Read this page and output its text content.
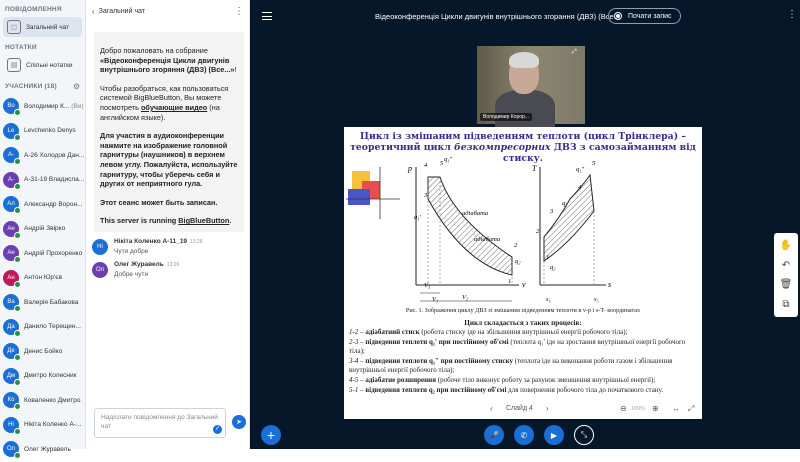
ПОВІДОМЛЕННЯ
◻	Загальний чат
НОТАТКИ
▤	Спільні нотатки
УЧАСНИКИ (18) ⚙
Во Володимир К... (Ви)
Le Levchenko Denys
А- А-26 Холодов Дан...
А- А-31-19 Владисла...
Ал Александр Ворон...
Ан Андрій Звірко
Ан Андрій Прохоренко
Ан Антон Юр'єв
Ва Валерія Бабакова
Да Данило Терещен...
Де Денис Бойко
Дм Дмитро Колесник
Ко Коваленко Дмитро
Ні Нікіта Коленко А-...
Ол Олег Журавель
‹ Загальний чат	⋮

Добро пожаловать на собрание «Відеоконференція Цикли двигунів внутрішнього згоряння (ДВЗ) (Все...»!

Чтобы разобраться, как пользоваться системой BigBlueButton, Вы можете посмотреть обучающие видео (на английском языке).

Для участия в аудиоконференции нажмите на изображение головной гарнитуры (наушников) в верхнем левом углу. Пожалуйста, используйте гарнитуру, чтобы уберечь себя и других от неприятного гула.

Этот сеанс может быть записан.

This server is running BigBlueButton.

Ні
Нікіта Коленко А-11_19 13:26
Чути добре
Ол
Олег Журавель 13:26
Добре чути
Надіслати повідомлення до Загальний чат	✓
➤
Відеоконференція Цикли двигунів внутрішнього згорання (ДВЗ) (Все... Почати запис	⋮
Володимир Корор...
⤢
Цикл із змішаним підведенням теплоти (цикл Трінклера) –
теоретичний цикл безкомпресорних ДВЗ з самозайманням від стиску.
p
v
T
s
1
2
3
4 5
q₁′
q₁″
q₂
V₁	V₂
V₃
адіабата
адіабата
1
2
3
4
5
q₁′
q₁″
q₂
s₁	s₅
Рис. 1. Зображення циклу ДВЗ зі змішаним підведенням теплоти в v-p і s-T- координатах
Цикл складається з таких процесів:
1-2 – адіабатний стиск (робота стиску іде на збільшення внутрішньої енергії робочого тіла);
2-3 – підведення теплоти q₁′ при постійному об'ємі (теплота q₁′ іде на зростання внутрішньої енергії робочого тіла);
3-4 – підведення теплоти q₁″ при постійному стиску (теплота іде на виконання роботи газом і збільшення внутрішньої енергії робочого тіла);
4-5 – адіабатне розширення (робоче тіло виконує роботу за рахунок зменшення внутрішньої енергії);
5-1 – відведення теплоти q₂ при постійному об'ємі для повернення робочого тіла до початкового стану.
‹ Слайд 4 ›	⊖ 100% ⊕ ↔ ⤢
✋
↶
🗑
⧉
+	🎤	✆	▶	⤡
